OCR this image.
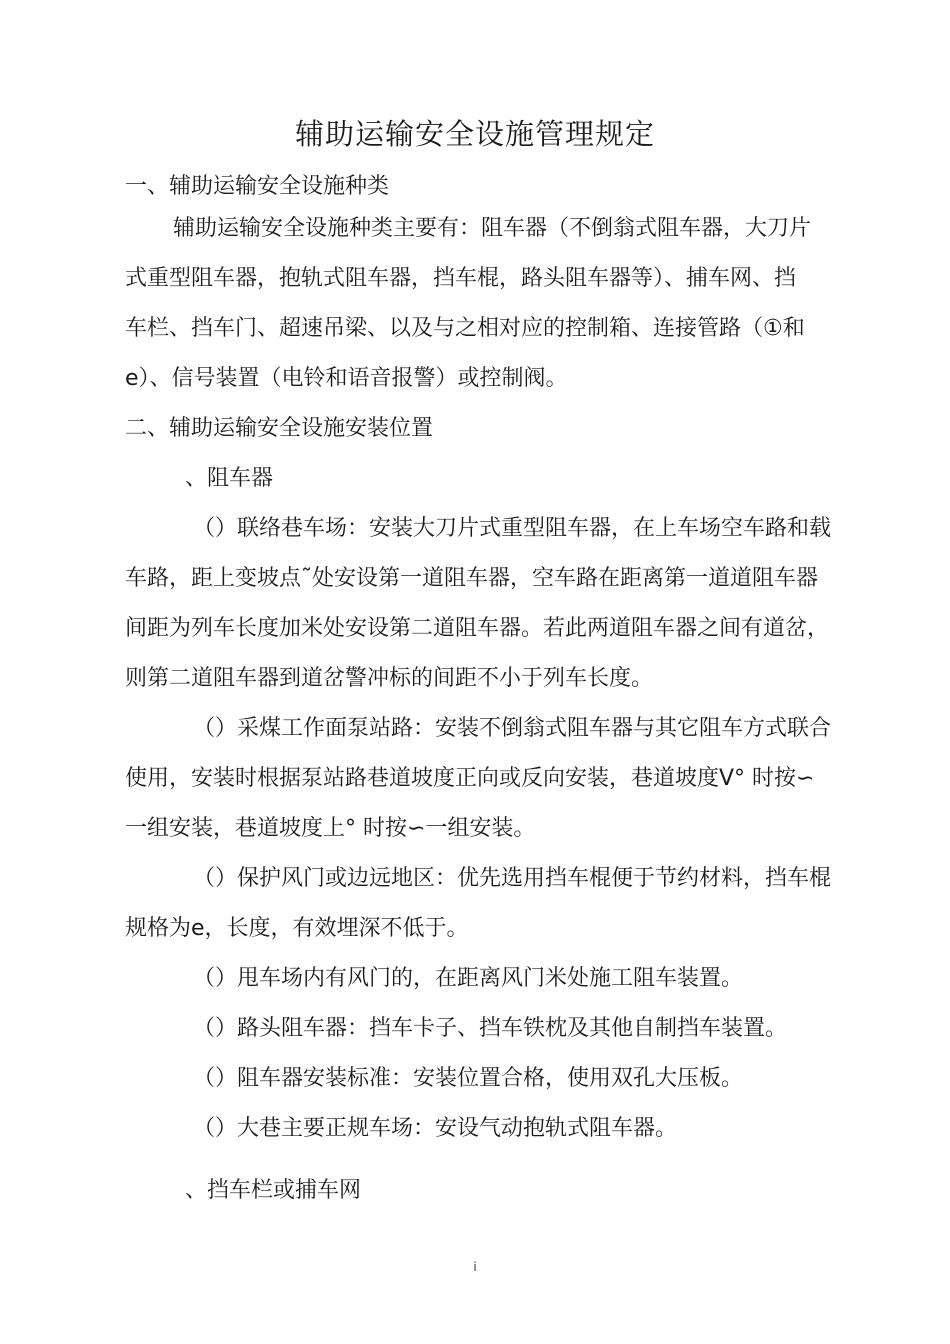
辅助运输安全设施管理规定
一、辅助运输安全设施种类
辅助运输安全设施种类主要有：阻车器（不倒翁式阻车器，大刀片
式重型阻车器，抱轨式阻车器，挡车棍，路头阻车器等）、捕车网、挡
车栏、挡车门、超速吊梁、以及与之相对应的控制箱、连接管路（①和
e）、信号装置（电铃和语音报警）或控制阀。
二、辅助运输安全设施安装位置
、阻车器
（）联络巷车场：安装大刀片式重型阻车器，在上车场空车路和载
车路，距上变坡点˜处安设第一道阻车器，空车路在距离第一道道阻车器
间距为列车长度加米处安设第二道阻车器。若此两道阻车器之间有道岔，
则第二道阻车器到道岔警冲标的间距不小于列车长度。
（）采煤工作面泵站路：安装不倒翁式阻车器与其它阻车方式联合
使用，安装时根据泵站路巷道坡度正向或反向安装，巷道坡度V° 时按∽
一组安装，巷道坡度上° 时按∽一组安装。
（）保护风门或边远地区：优先选用挡车棍便于节约材料，挡车棍
规格为e，长度，有效埋深不低于。
（）甩车场内有风门的，在距离风门米处施工阻车装置。
（）路头阻车器：挡车卡子、挡车铁枕及其他自制挡车装置。
（）阻车器安装标准：安装位置合格，使用双孔大压板。
（）大巷主要正规车场：安设气动抱轨式阻车器。
、挡车栏或捕车网
i
